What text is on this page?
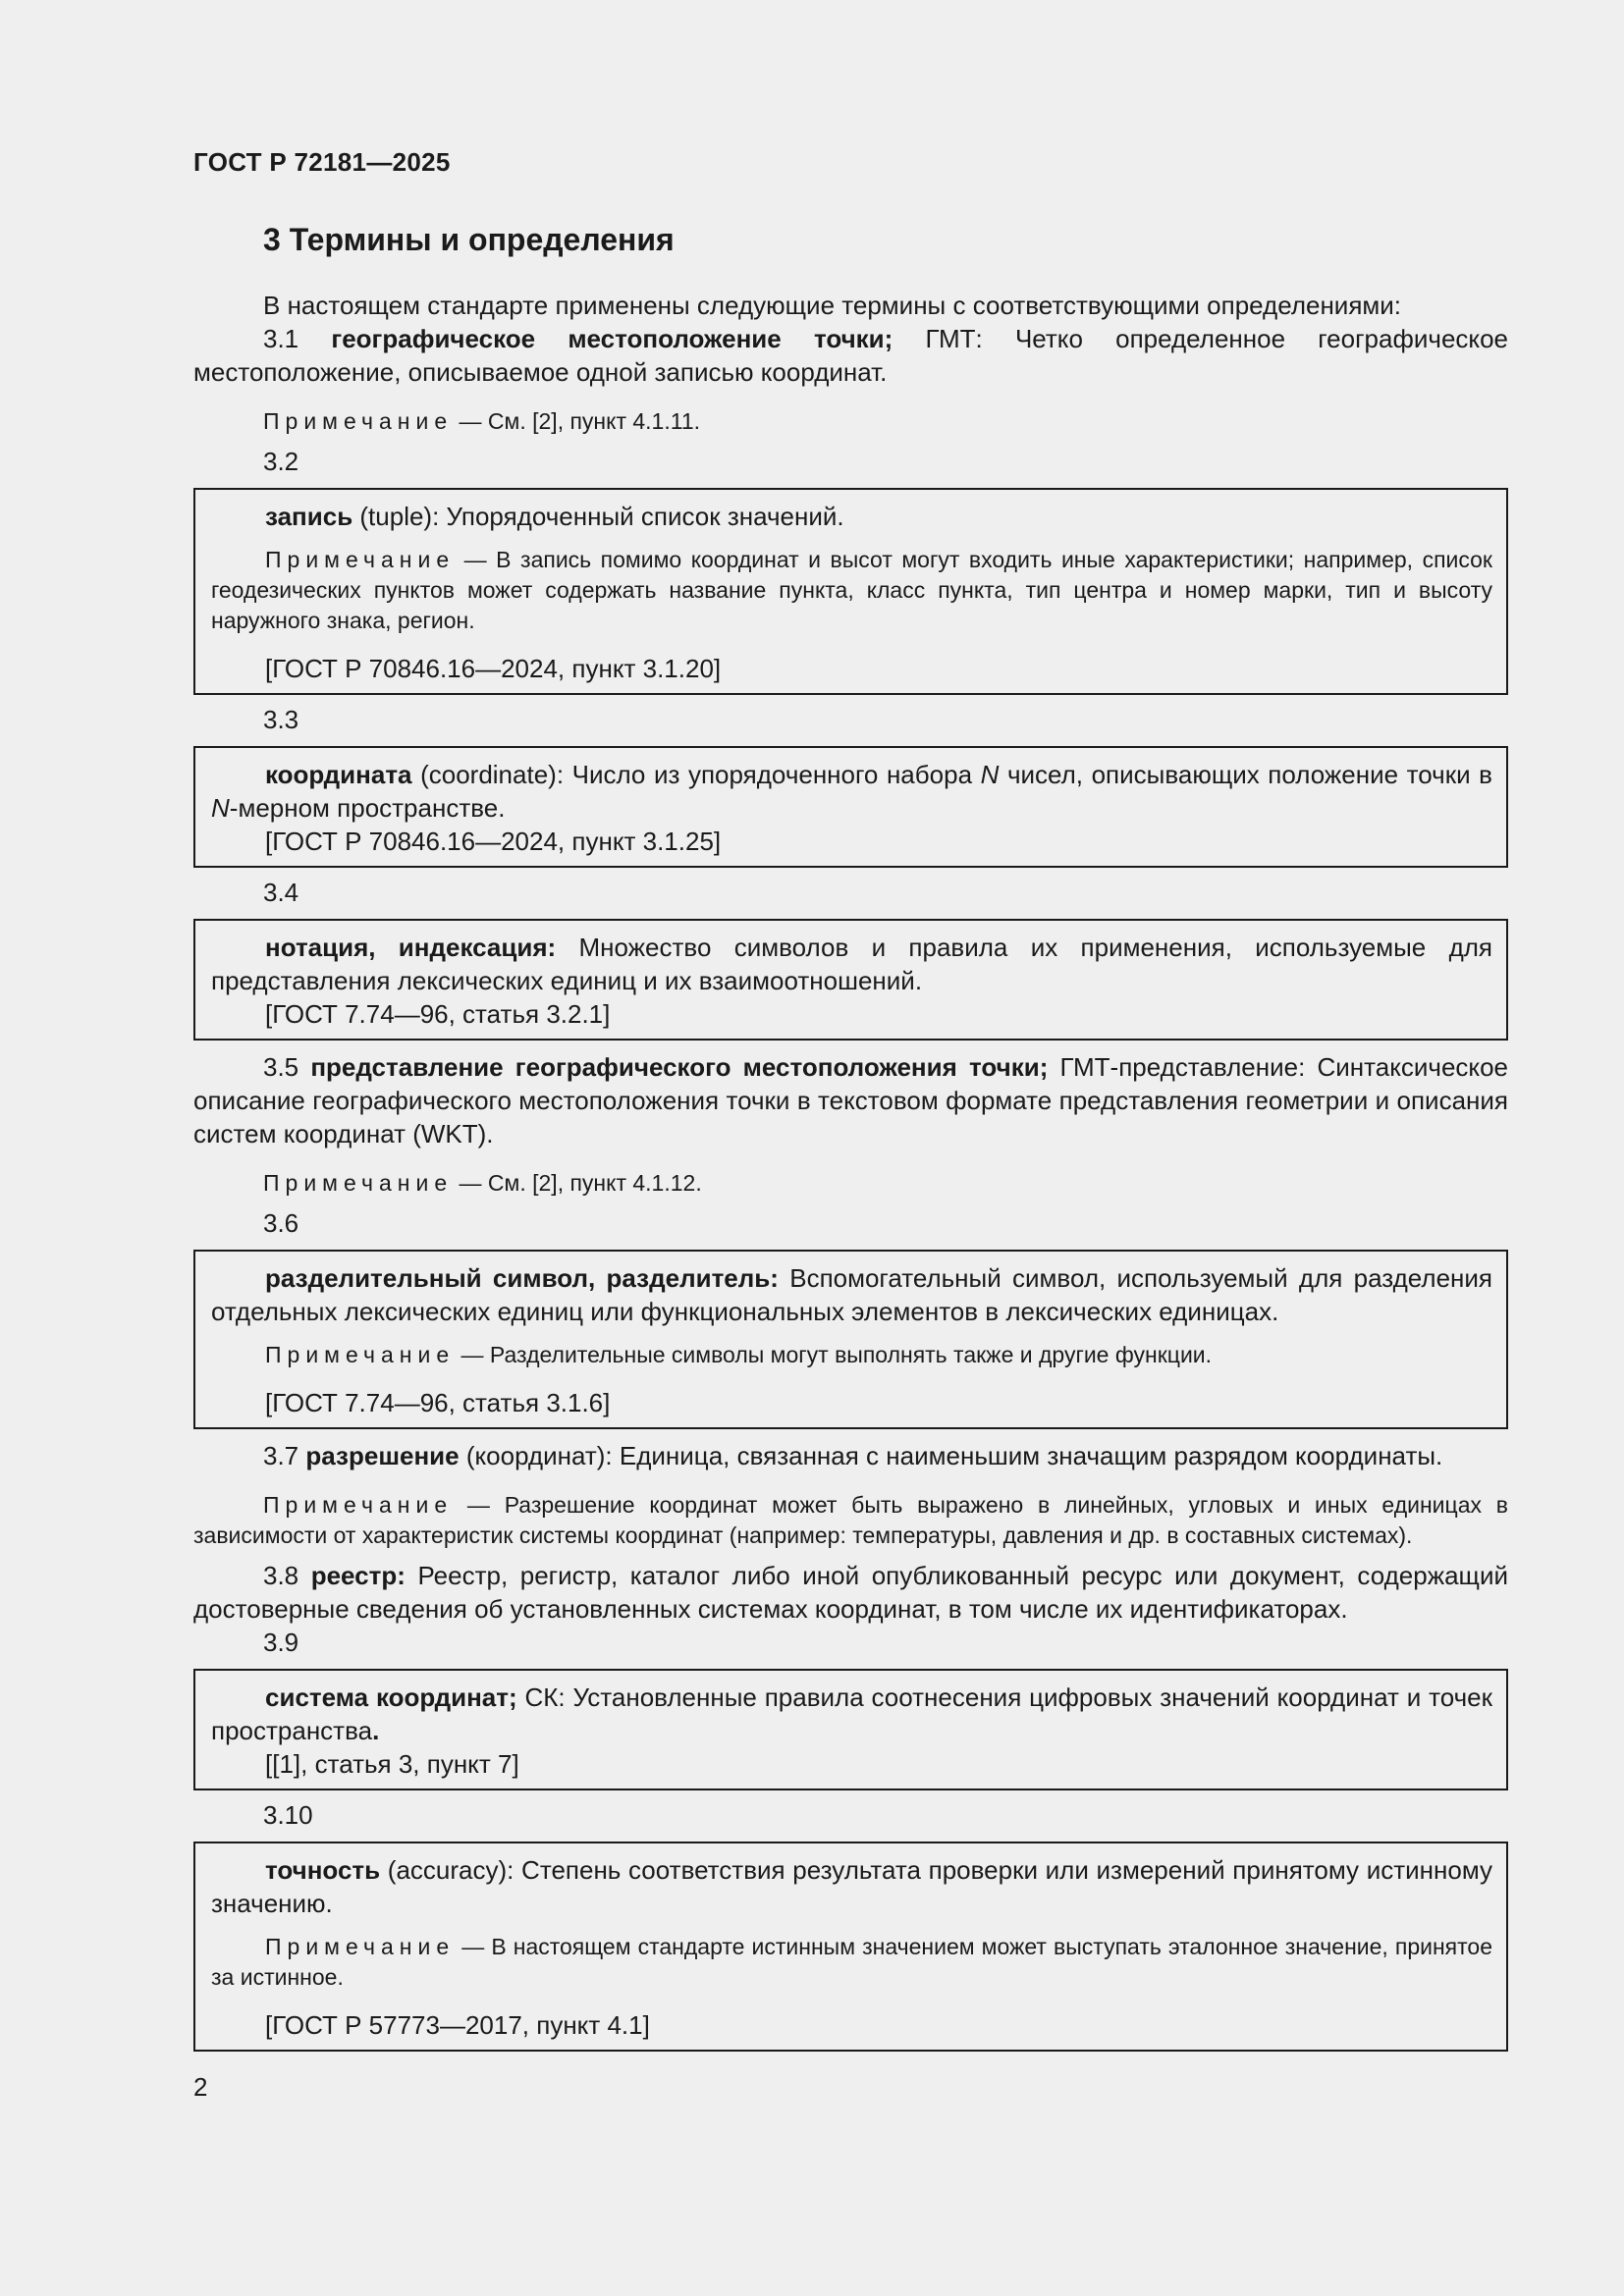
ГОСТ Р 72181—2025
3 Термины и определения

В настоящем стандарте применены следующие термины с соответствующими определениями:

3.1 географическое местоположение точки; ГМТ: Четко определенное географическое местоположение, описываемое одной записью координат.

Примечание — См. [2], пункт 4.1.11.

3.2

запись (tuple): Упорядоченный список значений.

Примечание — В запись помимо координат и высот могут входить иные характеристики; например, список геодезических пунктов может содержать название пункта, класс пункта, тип центра и номер марки, тип и высоту наружного знака, регион.

[ГОСТ Р 70846.16—2024, пункт 3.1.20]

3.3

координата (coordinate): Число из упорядоченного набора N чисел, описывающих положение точки в N-мерном пространстве.

[ГОСТ Р 70846.16—2024, пункт 3.1.25]

3.4

нотация, индексация: Множество символов и правила их применения, используемые для представления лексических единиц и их взаимоотношений.

[ГОСТ 7.74—96, статья 3.2.1]

3.5 представление географического местоположения точки; ГМТ-представление: Синтаксическое описание географического местоположения точки в текстовом формате представления геометрии и описания систем координат (WKT).

Примечание — См. [2], пункт 4.1.12.

3.6

разделительный символ, разделитель: Вспомогательный символ, используемый для разделения отдельных лексических единиц или функциональных элементов в лексических единицах.

Примечание — Разделительные символы могут выполнять также и другие функции.

[ГОСТ 7.74—96, статья 3.1.6]

3.7 разрешение (координат): Единица, связанная с наименьшим значащим разрядом координаты.

Примечание — Разрешение координат может быть выражено в линейных, угловых и иных единицах в зависимости от характеристик системы координат (например: температуры, давления и др. в составных системах).

3.8 реестр: Реестр, регистр, каталог либо иной опубликованный ресурс или документ, содержащий достоверные сведения об установленных системах координат, в том числе их идентификаторах.

3.9

система координат; СК: Установленные правила соотнесения цифровых значений координат и точек пространства.

[[1], статья 3, пункт 7]

3.10

точность (accuracy): Степень соответствия результата проверки или измерений принятому истинному значению.

Примечание — В настоящем стандарте истинным значением может выступать эталонное значение, принятое за истинное.

[ГОСТ Р 57773—2017, пункт 4.1]

2
